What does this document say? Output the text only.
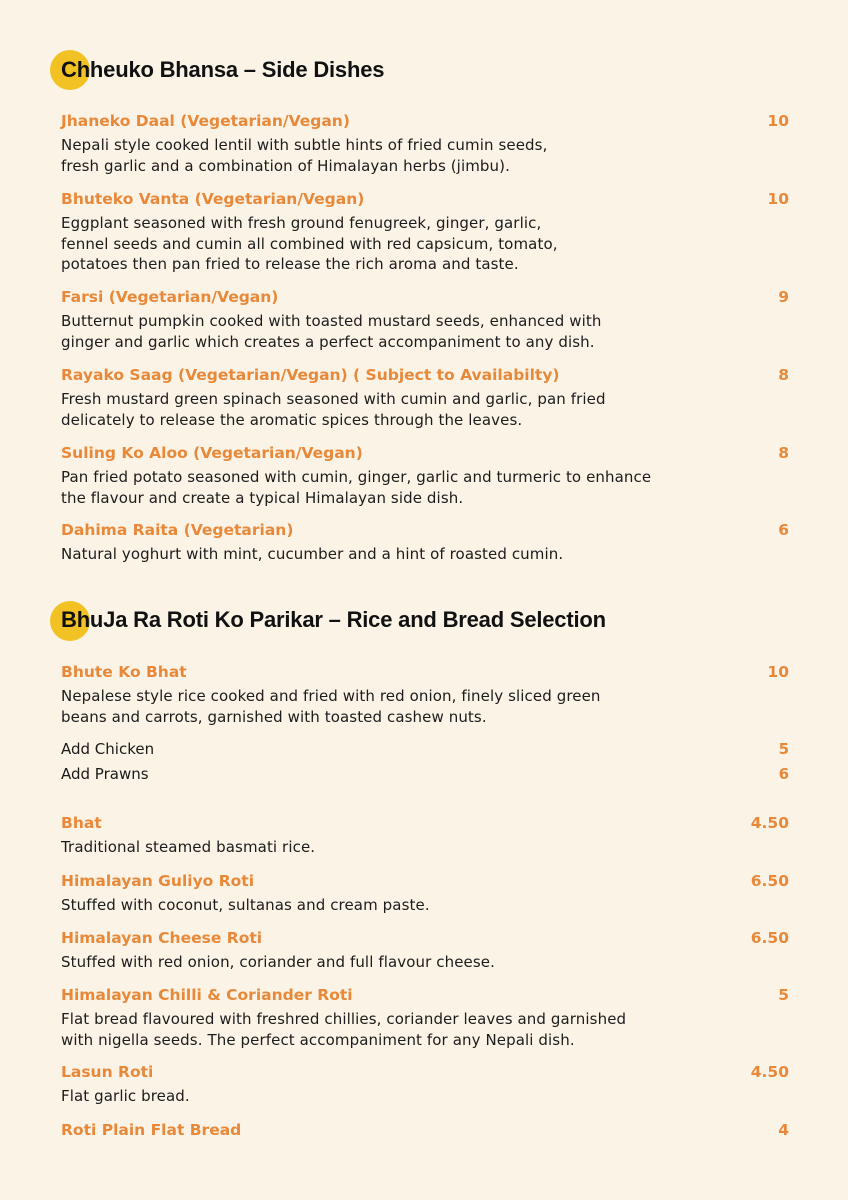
Chheuko Bhansa – Side Dishes
Jhaneko Daal (Vegetarian/Vegan)	10
Nepali style cooked lentil with subtle hints of fried cumin seeds,
fresh garlic and a combination of Himalayan herbs (jimbu).
Bhuteko Vanta (Vegetarian/Vegan)	10
Eggplant seasoned with fresh ground fenugreek, ginger, garlic,
fennel seeds and cumin all combined with red capsicum, tomato,
potatoes then pan fried to release the rich aroma and taste.
Farsi (Vegetarian/Vegan)	9
Butternut pumpkin cooked with toasted mustard seeds, enhanced with
ginger and garlic which creates a perfect accompaniment to any dish.
Rayako Saag (Vegetarian/Vegan) ( Subject to Availabilty)	8
Fresh mustard green spinach seasoned with cumin and garlic, pan fried
delicately to release the aromatic spices through the leaves.
Suling Ko Aloo (Vegetarian/Vegan)	8
Pan fried potato seasoned with cumin, ginger, garlic and turmeric to enhance
the flavour and create a typical Himalayan side dish.
Dahima Raita (Vegetarian)	6
Natural yoghurt with mint, cucumber and a hint of roasted cumin.
BhuJa Ra Roti Ko Parikar – Rice and Bread Selection
Bhute Ko Bhat	10
Nepalese style rice cooked and fried with red onion, finely sliced green
beans and carrots, garnished with toasted cashew nuts.
Add Chicken	5
Add Prawns	6
Bhat	4.50
Traditional steamed basmati rice.
Himalayan Guliyo Roti	6.50
Stuffed with coconut, sultanas and cream paste.
Himalayan Cheese Roti	6.50
Stuffed with red onion, coriander and full flavour cheese.
Himalayan Chilli & Coriander Roti	5
Flat bread flavoured with freshred chillies, coriander leaves and garnished
with nigella seeds. The perfect accompaniment for any Nepali dish.
Lasun Roti	4.50
Flat garlic bread.
Roti Plain Flat Bread	4
